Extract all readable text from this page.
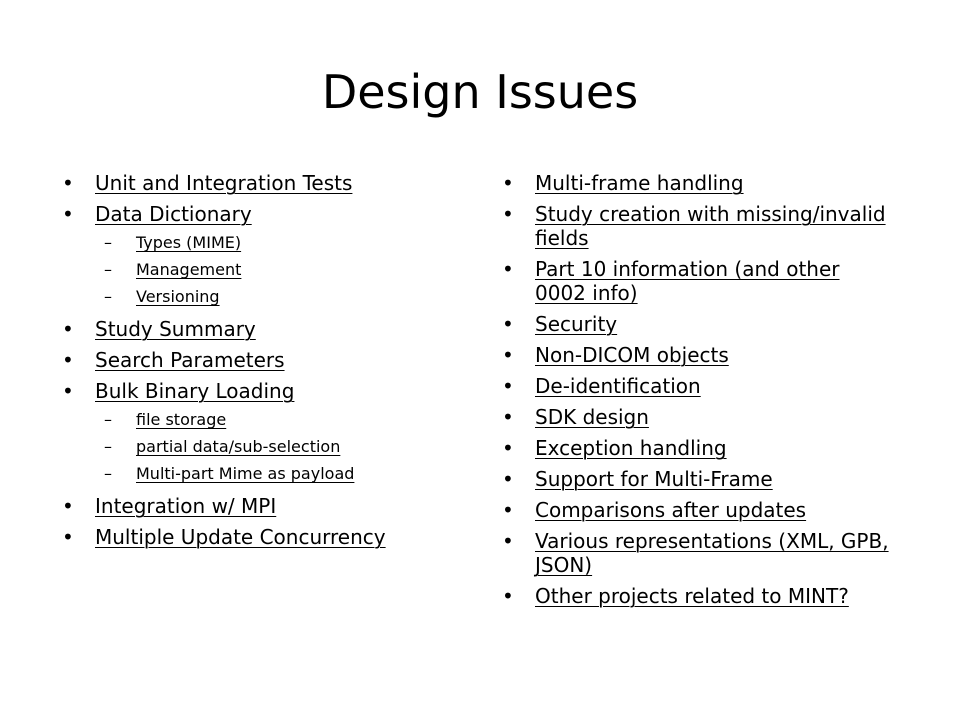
Design Issues
• Unit and Integration Tests
• Data Dictionary
– Types (MIME)
– Management
– Versioning
• Study Summary
• Search Parameters
• Bulk Binary Loading
– file storage
– partial data/sub-selection
– Multi-part Mime as payload
• Integration w/ MPI
• Multiple Update Concurrency
• Multi-frame handling
• Study creation with missing/invalid fields
• Part 10 information (and other 0002 info)
• Security
• Non-DICOM objects
• De-identification
• SDK design
• Exception handling
• Support for Multi-Frame
• Comparisons after updates
• Various representations (XML, GPB, JSON)
• Other projects related to MINT?
